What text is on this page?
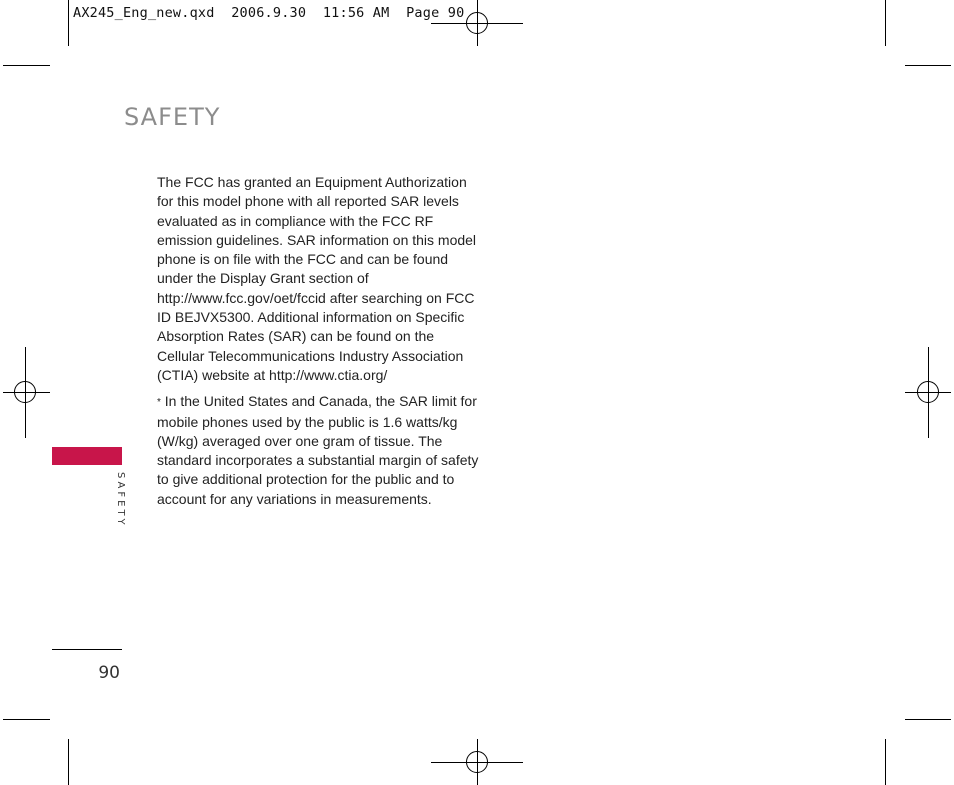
AX245_Eng_new.qxd  2006.9.30  11:56 AM  Page 90
SAFETY

The FCC has granted an Equipment Authorization for this model phone with all reported SAR levels evaluated as in compliance with the FCC RF emission guidelines. SAR information on this model phone is on file with the FCC and can be found under the Display Grant section of http://www.fcc.gov/oet/fccid after searching on FCC ID BEJVX5300. Additional information on Specific Absorption Rates (SAR) can be found on the Cellular Telecommunications Industry Association (CTIA) website at http://www.ctia.org/

* In the United States and Canada, the SAR limit for mobile phones used by the public is 1.6 watts/kg (W/kg) averaged over one gram of tissue. The standard incorporates a substantial margin of safety to give additional protection for the public and to account for any variations in measurements.

SAFETY
90
